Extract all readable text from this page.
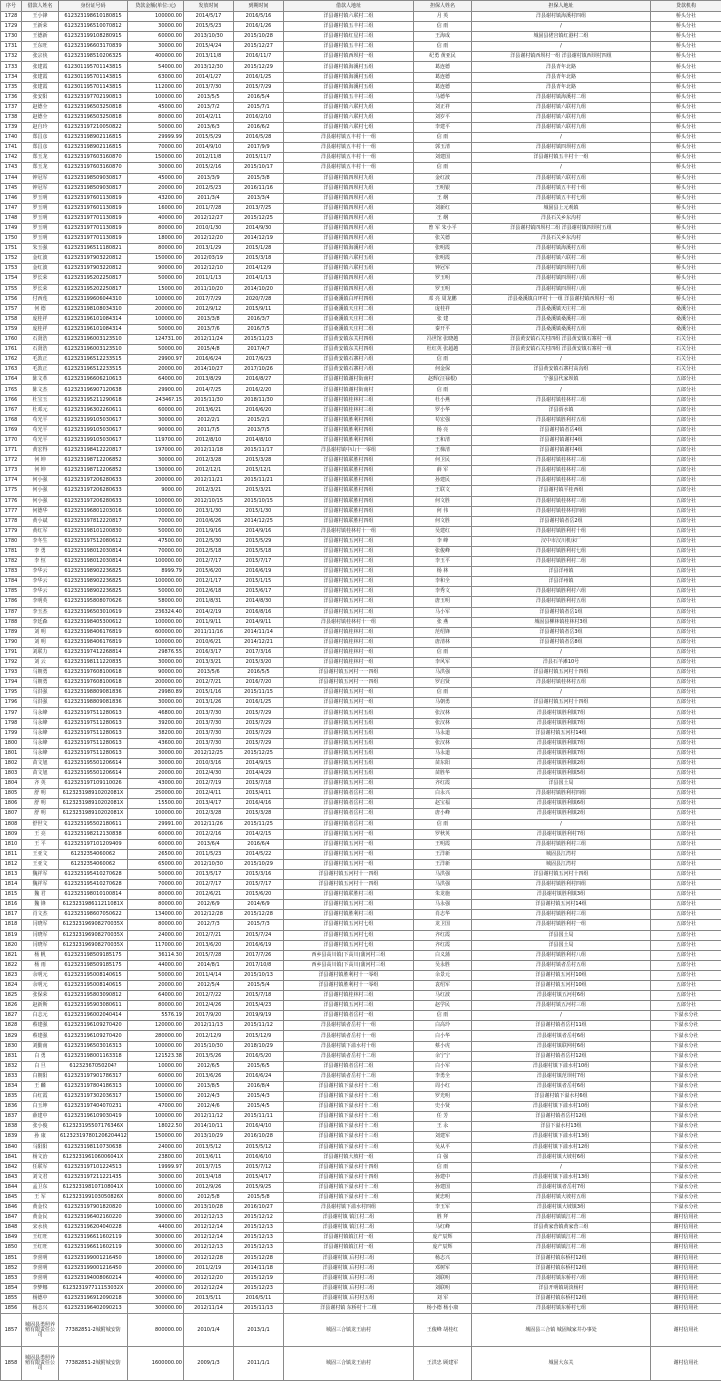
序号	借款人姓名	身份证号码	贷款金额(单位:元)	发放时间	到期时间	借款人地址	担保人姓名	担保人地址	贷款机构
1728	王小锋	612323198610180815	100000.00	2014/5/17	2016/5/16	洋县谢村镇六联村二组	月 英	洋县谢村镇海溪村四组	桥头分社
1729	王新荣	612323196510070812	30000.00	2015/5/23	2016/1/26	洋县谢村镇五丰村三组	信 雨	/	桥头分社
1730	王德新	612323199108280915	60000.00	2013/10/30	2015/10/28	洋县谢村镇红星村三组	王海成	城固县佬宫镇红港村二组	桥头分社
1731	王东旺	612323196603170839	30000.00	2015/4/24	2015/12/27	洋县谢村镇五丰村二组	信 雨	/	桥头分社
1732	张宗侠	612323198510206325	400000.00	2013/11/8	2016/11/7	洋县谢村镇西坝村一组	纪勇 黄亚民	洋县谢村镇西坝村一组 洋县谢村镇西坝村四组	桥头分社
1733	张建霞	612301195701143815	54000.00	2013/12/30	2015/12/29	洋县谢村镇海溪村五组	葛连德	洋县青年北路	桥头分社
1734	张建霞	612301195701143815	63000.00	2014/1/27	2016/1/25	洋县谢村镇海溪村五组	葛连德	洋县青年北路	桥头分社
1735	张建霞	612301195701143815	112000.00	2013/7/30	2015/7/29	洋县谢村镇海溪村五组	葛连德	洋县青年北路	桥头分社
1736	张安阳	612323197702190813	100000.00	2013/5/5	2016/5/4	洋县谢村镇五丰村三组	马德华	洋县谢村镇海溪村二组	桥头分社
1737	赵德全	612323196503250818	45000.00	2013/7/2	2015/7/1	洋县谢村镇六联村九组	刘正祥	洋县谢村镇六联村九组	桥头分社
1738	赵德全	612323196503250818	80000.00	2014/2/11	2016/2/10	洋县谢村镇六联村九组	刘岁平	洋县谢村镇六联村九组	桥头分社
1739	赵自玲	612323197210050822	50000.00	2013/6/3	2016/6/2	洋县谢村镇六联村七组	李建平	洋县谢村镇六联村九组	桥头分社
1740	郑昌彦	612323198902116815	29999.99	2015/5/29	2016/5/28	洋县谢村镇五丰村十一组	信 雨	/	桥头分社
1741	郑昌彦	612323198902116815	70000.00	2014/9/10	2017/9/9	洋县谢村镇五丰村十一组	郭玉清	洋县谢村镇四坝村五组	桥头分社
1742	郑玉龙	612323197603160870	150000.00	2012/11/8	2015/11/7	洋县谢村镇五丰村十一组	刘建国	洋县谢村镇五丰村十一组	桥头分社
1743	郑玉龙	612323197603160870	30000.00	2015/2/16	2015/10/17	洋县谢村镇五丰村十一组	信 雨	/	桥头分社
1744	钟冠军	612323198509030817	45000.00	2013/3/9	2015/3/8	洋县谢村镇四坝村九组	金红波	洋县谢村镇六联村五组	桥头分社
1745	钟冠军	612323198509030817	20000.00	2012/5/23	2016/11/16	洋县谢村镇四坝村九组	王明银	洋县谢村镇五丰村十组	桥头分社
1746	罗玉明	612323197601130819	43200.00	2011/3/4	2013/3/4	洋县谢村镇四坝村八组	王 纲	洋县谢村镇五丰村七组	桥头分社
1747	罗玉明	612323197601130819	16000.00	2011/7/28	2013/7/25	洋县谢村镇四坝村八组	刘新红	城固县上元观镇	桥头分社
1748	罗玉明	612323197701130819	40000.00	2012/12/27	2015/12/25	洋县谢村镇四坝村八组	王 纲	洋县石关乡东沟村	桥头分社
1749	罗玉明	612323197701130819	80000.00	2010/1/30	2014/9/30	洋县谢村镇四坝村八组	曾 军 朱小平	洋县谢村镇四坝村二组 洋县谢村镇四坝村五组	桥头分社
1750	罗玉明	612323197701130819	18000.00	2012/12/20	2014/12/19	洋县谢村镇四坝村八组	张关德	洋县石关乡东沟村	桥头分社
1751	朱玉强	612323196511180821	80000.00	2013/1/29	2015/1/28	洋县谢村镇海溪村六组	张明霞	洋县谢村镇海溪村五组	桥头分社
1752	金红波	612323197903220812	150000.00	2012/03/19	2015/3/18	洋县谢村镇六联村五组	张明霞	洋县谢村镇六联村二组	桥头分社
1753	金红波	612323197903220812	90000.00	2012/12/10	2014/12/9	洋县谢村镇六联村五组	钟冠军	洋县谢村镇四坝村九组	桥头分社
1754	罗长荣	612323195202250817	50000.00	2011/1/13	2014/1/13	洋县谢村镇四坝村八组	罗玉明	洋县谢村镇四坝村八组	桥头分社
1755	罗长荣	612323195202250817	15000.00	2011/10/20	2014/10/20	洋县谢村镇四坝村八组	罗玉明	洋县谢村镇四坝村八组	桥头分社
1756	付西莲	612323199606044310	100000.00	2017/7/29	2020/7/28	洋县桑溪镇白坪村四组	邓 亮 周龙鹏	洋县桑溪镇白坪村十一组 洋县谢村镇西坝村一组	桥头分社
1757	何 德	612323198108034310	200000.00	2012/9/12	2015/9/11	洋县桑溪镇天庄村二组	庞桂祥	洋县桑溪镇天庄村二组	桑溪分社
1758	庞桂祥	612323196101084314	100000.00	2013/3/8	2016/3/7	洋县桑溪镇天庄村二组	张 建	洋县桑溪镇桑溪村三组	桑溪分社
1759	庞桂祥	612323196101084314	50000.00	2013/7/6	2016/7/5	洋县桑溪镇天庄村二组	秦开平	洋县桑溪镇桑溪村五组	桑溪分社
1760	石贤浩	612323196003123510	124731.00	2012/11/24	2015/11/23	洋县黄安镇东关村四组	冯世馆 张晓越	洋县黄安镇石关村四组 洋县黄安镇石寨村一组	石关分社
1761	石贤浩	612323196003123510	50000.00	2015/4/8	2017/4/7	洋县黄安镇东关村四组	杜红英 张超越	洋县黄安镇石关村四组 洋县黄安镇石寨村一组	石关分社
1762	毛敦正	612323196512233515	29900.97	2016/6/24	2017/6/23	洋县黄安镇石寨村六组	信 雨	/	石关分社
1763	毛敦正	612323196512233515	20000.00	2014/10/27	2017/10/26	洋县黄安镇石寨村六组	何金保	洋县黄安镇石寨村高沟组	石关分社
1764	陈文革	612323196606210613	64000.00	2013/8/29	2016/8/27	洋县谢村镇谢村街南村	赵辉(汪禄根)	宁强县代家坝镇	五郎分社
1765	陈文杰	612323196907120638	29900.00	2014/7/25	2016/2/20	洋县谢村镇谢村街南村	信 雨	/	五郎分社
1766	杜宝玉	612323195211290618	24346?.15	2015/11/30	2018/11/30	洋县谢村镇桂林村三组	杜小燕	洋县谢村镇桂林村三组	五郎分社
1767	杜邓元	612323196302260611	60000.00	2013/6/21	2016/6/20	洋县谢村镇桂林村三组	罗小华	洋县湑水镇	五郎分社
1768	苟光平	612323199105030617	30000.00	2012/2/1	2015/2/1	洋县谢村镇胜利村四组	苟宏强	洋县谢村镇胜利村五组	五郎分社
1769	苟光平	612323199105030617	90000.00	2011/7/5	2013/7/5	洋县谢村镇胜利村四组	杨 亮	洋县谢村镇者岳4组	五郎分社
1770	苟光平	612323199105030617	119700.00	2012/8/10	2014/8/10	洋县谢村镇胜利村四组	王和清	洋县谢村镇谢村4组	五郎分社
1771	黄宏得	612323198412220817	197000.00	2012/11/18	2015/11/17	洋县谢村镇中山十一零组	王梯清	洋县谢村镇谢村4组	五郎分社
1772	何 坤	612323198712206852	30000.00	2012/3/28	2015/3/28	洋县谢村镇联胜村四组	何卫民	洋县谢村镇桂林村三组	五郎分社
1773	何 坤	612323198712206852	130000.00	2012/12/1	2015/12/1	洋县谢村镇联胜村四组	薛 军	洋县谢村镇桂林村三组	五郎分社
1774	何小强	612323197206280633	200000.00	2012/11/21	2015/11/21	洋县谢村镇联胜村四组	孙建民	洋县谢村镇桂林村三组	五郎分社
1775	何小强	612323197206280633	9000.00	2012/3/21	2015/3/21	洋县谢村镇联胜村四组	王联文	洋县谢村镇平桂西组	五郎分社
1776	何小强	612323197206280633	100000.00	2012/10/15	2015/10/15	洋县谢村镇联胜村四组	何文胜	洋县谢村镇桂林村三组	五郎分社
1777	何德华	612323196801203016	100000.00	2013/1/30	2015/1/30	洋县谢村镇联胜村四组	何 伟	洋县谢村镇桂林村四组	五郎分社
1778	黄小斌	612323197812220817	70000.00	2010/6/26	2014/12/25	洋县谢村镇联胜村四组	何文胜	洋县谢村镇者岳2组	五郎分社
1779	黄红军	612323198101200830	50000.00	2011/9/16	2014/9/16	洋县谢村镇桂林村十一组	吴建红	洋县谢村镇胜利村十组	五郎分社
1780	李冬生	612323197512080612	47500.00	2012/5/30	2015/5/29	洋县谢村镇五河村二组	李 峰	汉中市汉川机床厂	五郎分社
1781	李 勇	612323198012030814	70000.00	2012/5/18	2015/5/18	洋县谢村镇五河村二组	张俊峰	洋县谢村镇胜利村七组	五郎分社
1782	李 恒	612323198012030814	100000.00	2012/7/17	2015/7/17	洋县谢村镇五河村二组	李玉平	洋县谢村镇胜利村二组	五郎分社
1783	李华云	612323198902236825	8999.79	2015/6/20	2016/6/19	洋县谢村镇五河村二组	杨 林	洋县洋州镇	五郎分社
1784	李华云	612323198902236825	100000.00	2012/1/17	2015/1/15	洋县谢村镇五河村二组	李和全	洋县洋州镇	五郎分社
1785	李华云	612323198902236825	50000.00	2012/6/18	2015/6/17	洋县谢村镇五河村二组	李秀文	洋县谢村镇胜利村六组	五郎分社
1786	李明英	612323195808070626	58000.00	2011/8/31	2014/8/30	洋县谢村镇五河村二组	唐玉明	洋县谢村镇胜利村五组	五郎分社
1787	李玉杰	612323196503010619	236324.40	2014/2/19	2016/8/16	洋县谢村镇五河村二组	马小军	洋县谢村镇者岳1组	五郎分社
1788	李廷森	612323198405300612	100000.00	2011/9/11	2014/9/11	洋县谢村镇桂林村十一组	张 燕	城固县柳林镇桂林村3组	五郎分社
1789	刘 明	612323198406176819	600000.00	2011/11/16	2014/11/14	洋县谢村镇桂林村二组	范绍锋	洋县谢村镇者岳3组	五郎分社
1790	刘 明	612323198406176819	100000.00	2010/6/21	2014/12/21	洋县谢村镇桂林村二组	唐清林	洋县谢村镇者岳8组	五郎分社
1791	刘联力	612323197412268814	29876.55	2016/3/17	2017/3/16	洋县谢村镇桂林村一组	信 雨	/	五郎分社
1792	刘 云	612323198111220835	30000.00	2013/3/21	2015/3/20	洋县谢村镇桂林村一组	李风军	洋县石羊滩10号	五郎分社
1793	马朝勇	612323197608100618	90000.00	2013/5/6	2016/5/5	洋县谢村镇五河村一一四组	马洪强	洋县谢村镇五河村十四组	五郎分社
1794	马朝勇	612323197608100618	200000.00	2012/7/21	2016/7/20	洋县谢村镇五河村一一四组	罗启贤	洋县谢村镇桂林村五组	五郎分社
1795	马洪强	612323198809081836	29980.89	2015/1/16	2015/11/15	洋县谢村镇五河村一组	信 雨	/	五郎分社
1796	马洪强	612323198809081836	30000.00	2013/1/26	2016/1/25	洋县谢村镇五河村一组	马朝勇	洋县谢村镇五河村十四组	五郎分社
1797	马永峰	612323197511280613	46800.00	2013/7/30	2015/7/29	洋县谢村镇五河村五组	张汉林	洋县谢村镇胜利镇7组	五郎分社
1798	马永峰	612323197511280613	39200.00	2013/7/30	2015/7/29	洋县谢村镇五河村五组	张汉林	洋县谢村镇胜利镇7组	五郎分社
1799	马永峰	612323197511280613	38200.00	2013/7/30	2015/7/29	洋县谢村镇五河村五组	马永道	洋县谢村镇五河村14组	五郎分社
1800	马永峰	612323197511280613	43600.00	2013/7/30	2015/7/29	洋县谢村镇五河村五组	张汉林	洋县谢村镇胜利镇7组	五郎分社
1801	马永峰	612323197511280613	30000.00	2012/12/25	2015/12/25	洋县谢村镇五河村五组	马永道	洋县谢村镇胜利镇7组	五郎分社
1802	苗文旭	612323195501206614	30000.00	2010/3/16	2014/9/15	洋县谢村镇五河村五组	苗东阳	洋县谢村镇胜利镇2组	五郎分社
1803	苗文旭	612323195501206614	20000.00	2012/4/30	2014/4/29	洋县谢村镇五河村五组	苗胜华	洋县谢村镇胜利镇5组	五郎分社
1804	齐 英	612323197109110026	43000.00	2012/7/19	2015/7/18	洋县谢村镇五河村二组	齐红霞	洋县国土局	五郎分社
1805	舒 明	612323198910202081X	250000.00	2012/4/11	2015/4/11	洋县谢村镇者岳村二组	白永兴	洋县谢村镇胜利村四组	五郎分社
1806	舒 明	612323198910202081X	15500.00	2013/4/17	2016/4/16	洋县谢村镇者岳村二组	赵宝福	洋县谢村镇胜利镇6组	五郎分社
1807	舒 明	612323198910202081X	100000.00	2012/3/28	2015/3/28	洋县谢村镇者岳村二组	唐小峰	洋县谢村镇胜利镇2组	五郎分社
1808	舒世文	612323195502180611	29991.00	2012/11/26	2015/11/25	洋县谢村镇者岳村二组	信 雨	/	五郎分社
1809	王 亮	612323198212130838	60000.00	2012/2/16	2014/2/15	洋县谢村镇五河村一组	罗秋英	洋县谢村镇胜利村7组	五郎分社
1810	王 平	612323197101209409	60000.00	2013/6/4	2016/6/4	洋县谢村镇五河村一组	王明霞	洋县谢村镇胜利村三组	五郎分社
1811	王亚文	61232354060062	26500.00	2011/5/23	2014/5/22	洋县谢村镇五河村一组	王洋新	城固县江湾村	五郎分社
1812	王亚文	61232354060062	65000.00	2012/10/30	2015/10/29	洋县谢村镇五河村一组	王洋新	城固县江湾村	五郎分社
1813	魏祥军	612323195410270628	50000.00	2013/5/17	2015/3/16	洋县谢村镇五河村十一四组	马洪强	洋县谢村镇五河村十四组	五郎分社
1814	魏祥军	612323195410270628	70000.00	2012/7/17	2015/7/17	洋县谢村镇五河村十一四组	马洪强	洋县谢村镇胜利村四组	五郎分社
1815	魏 君	612323198010100814	80000.00	2012/6/21	2015/6/20	洋县谢村镇联胜村三组	朱龙施	洋县谢村镇胜利镇3组	五郎分社
1816	魏 锋	612323198611211081X	80000.00	2012/6/9	2014/6/9	洋县谢村镇五河村二组	马永强	洋县谢村镇五河村14组	五郎分社
1817	肖文杰	612323198607050622	134000.00	2012/12/28	2015/12/28	洋县谢村镇胜利村三组	肖志华	洋县谢村镇胜利村三组	五郎分社
1818	闫晓军	612323196908270035X	80000.00	2012/7/3	2015/7/3	洋县谢村镇五河村七组	龙卫国	洋县谢村镇胜利村一组	五郎分社
1819	闫晓军	612323196908270035X	24000.00	2012/7/21	2015/7/24	洋县谢村镇五河村七组	齐红霞	洋县国土局	五郎分社
1820	闫晓军	612323196908270035X	117000.00	2013/6/20	2016/6/19	洋县谢村镇五河村七组	齐红霞	洋县国土局	五郎分社
1821	杨 帆	612323198509185175	36114.30	2015/7/28	2017/7/26	西乡县高川镇(下高川)蒲河村三组	白义蒲	洋县谢村镇胜利村八组	五郎分社
1822	杨 雨	612323198509185175	44000.00	2014/8/1	2017/10/8	西乡县高川镇(下高川)蒲河村三组	吴永胜	洋县谢村镇者岳村五组	五郎分社
1823	余明元	612323195008140615	50000.00	2011/4/14	2015/10/13	洋县谢村镇胜利村十一零组	余景元	洋县谢村镇五河村10组	五郎分社
1824	余明元	612323195008140615	20000.00	2012/5/4	2015/5/4	洋县谢村镇胜利村十一零组	袁绍军	洋县谢村镇五河村10组	五郎分社
1825	张保荣	612323195803090812	64000.00	2012/7/22	2015/7/18	洋县谢村镇桂林村三组	马红波	洋县谢村镇五河村6组	五郎分社
1826	赵新斯	612323195903080611	80000.00	2012/4/26	2015/4/23	洋县谢村镇五河村三组	赵学民	洋县谢村镇五河村三组	五郎分社
1827	白志元	612323196002040414	5576.19	2017/9/20	2019/9/19	洋县谢村镇者岳村一组	信 雨	/	下溢水分社
1828	蔡建强	612323196109270420	120000.00	2012/11/13	2015/11/12	洋县谢村镇者岳村十一组	白高玲	洋县谢村镇者岳村11组	下溢水分社
1829	蔡建强	612323196109270420	280000.00	2012/12/9	2015/12/9	洋县谢村镇者岳村十一组	白小华	洋县谢村镇者岳村6组	下溢水分社
1830	刘勤南	612323196503016313	100000.00	2015/10/30	2018/10/29	洋县谢村镇下溢水村十组	蔡小虎	洋县谢村镇联网村6组	下溢水分社
1831	白 勇	612323198001163318	121523.38	2013/5/26	2016/5/20	洋县谢村镇者岳村十二组	余宁宁	洋县谢村镇者岳村12组	下溢水分社
1832	白 旦	61232367050204?	10000.00	2012/6/5	2015/6/5	洋县谢村镇者岳村二组	白小军	洋县谢村镇下溢水村10组	下溢水分社
1833	白朝阳	612323197901786317	60000.00	2013/6/26	2016/6/24	洋县谢村镇者岳村十二组	李勇全	洋县谢村镇范坝村7组	下溢水分社
1834	王 麟	612323197804186313	100000.00	2013/8/5	2016/8/4	洋县谢村镇下溢水村十二组	周小红	洋县谢村镇者岳村6组	下溢水分社
1835	白红霞	612323197302036317	150000.00	2012/4/3	2015/4/3	洋县谢村镇下溢水村十二组	罗光明	洋县谢村镇下溢水村6组	下溢水分社
1836	白玉坤	612323197404070231	47000.00	2012/4/6	2015/4/5	洋县谢村镇下溢水村十二组	史小贤	洋县谢村镇下溢水村10组	下溢水分社
1837	薛建中	612323196109030419	100000.00	2012/11/12	2015/11/11	洋县谢村镇下溢水村十二组	任 芳	洋县谢村镇者岳村12组	下溢水分社
1838	张小俊	612323195507176346X	18022.50	2014/10/11	2016/4/10	洋县谢村镇下溢水村十二组	王 永	洋县下溢水村13组	下溢水分社
1839	孙 康	612323197801206204412	150000.00	2013/10/29	2016/10/28	洋县谢村镇下溢水村十三组	刘建军	洋县谢村镇下溢水村13组	下溢水分社
1840	马阳阳	612323198110730638	24000.00	2013/5/12	2015/5/12	洋县谢村镇下溢水村十三组	吴从平	洋县谢村镇下溢水村12组	下溢水分社
1841	杨文治	612323196106006041X	23800.00	2013/6/11	2016/6/10	洋县谢村镇大坡村一组	白 强	洋县谢村镇大坡村6组	下溢水分社
1842	任联军	612323197101224513	19999.97	2013/7/15	2015/7/12	洋县谢村镇下溢水村十四组	信 雨	/	下溢水分社
1843	刘文君	612323197211221435	30000.00	2013/4/18	2015/4/17	洋县谢村镇下溢水村十四组	孙建中	洋县谢村镇下溢水村13组	下溢水分社
1844	孟卫东	612323198107108041X	100000.00	2012/9/26	2015/9/25	洋县谢村镇下溢水村十二组	孙建国	洋县谢村镇者岳村7组	下溢水分社
1845	王 军	612323199103050826X	80000.00	2012/5/8	2015/5/8	洋县谢村镇下溢水村十二组	黄忠明	洋县谢村镇大坡村五组	下溢水分社
1846	黄金仪	612323197901820820	100000.00	2013/10/28	2016/10/27	洋县谢村镇下溢水村四组	李玉军	洋县谢村镇大坡镇3组	下溢水分社
1847	黄金民	612323196402160220	390000.00	2012/12/13	2015/12/12	洋县谢村镇 镇江村二组	胜 拜	洋县谢村镇镇江村二组	谢村信用社
1848	宋水侠	612323196204040228	44000.00	2012/12/14	2015/12/13	洋县谢村镇 镇江村二组	马红峰	洋县黄家营镇黄家营三组	谢村信用社
1849	王红旺	612323196611602119	300000.00	2012/12/14	2015/12/13	洋县谢村镇镇江村一组	庞产辰辉	洋县谢村镇镇江村二组	谢村信用社
1850	王红旺	612323196611602119	300000.00	2012/12/13	2015/12/13	洋县谢村镇镇江村一组	庞产辰辉	洋县谢村镇镇江村二组	谢村信用社
1851	李喜明	612323199001216450	180000.00	2012/12/28	2015/12/28	洋县谢村镇 后村村三组	杨志兴	洋县谢村镇东桥村12组	谢村信用社
1852	李喜明	612323199001216450	200000.00	2011/2/19	2014/11/18	洋县谢村镇 后村村三组	邓树军	洋县谢村镇东桥村12组	谢村信用社
1853	李喜明	612323194008060214	400000.00	2012/12/20	2015/12/19	洋县谢村镇 后村村三组	刘联明	洋县谢村镇东桥村六组	谢村信用社
1854	李梦娜	612323197711153032X	200000.00	2012/12/24	2015/12/23	洋县谢村镇 后村村三组	刘联明	洋县开明镇胡淡杨村	谢村信用社
1855	杨德中	612323196912090218	300000.00	2013/5/11	2016/5/11	洋县谢村镇 后村村五组	刘 军	洋县谢村镇东桥村12组	谢村信用社
1856	杨志兴	612323196402090213	300000.00	2012/11/14	2015/11/13	洋县谢村镇 东桥村十二组	杨小德 杨小康	洋县谢村镇东桥村七组	谢村信用社
1857	城固县勇照养殖有限责任公司	77382851-2城附城安防	800000.00	2010/1/4	2013/1/1	城固三合镇龙王庙村	王俊峰 胡桂红	城固县三合镇 城固城家井办事处	谢村信用社
1858	城固县勇照养殖有限责任公司	77382851-2城附城安防	1600000.00	2009/1/3	2011/1/1	城固三合镇龙王庙村	王洪忠 顾建军	城固大东关	谢村信用社
